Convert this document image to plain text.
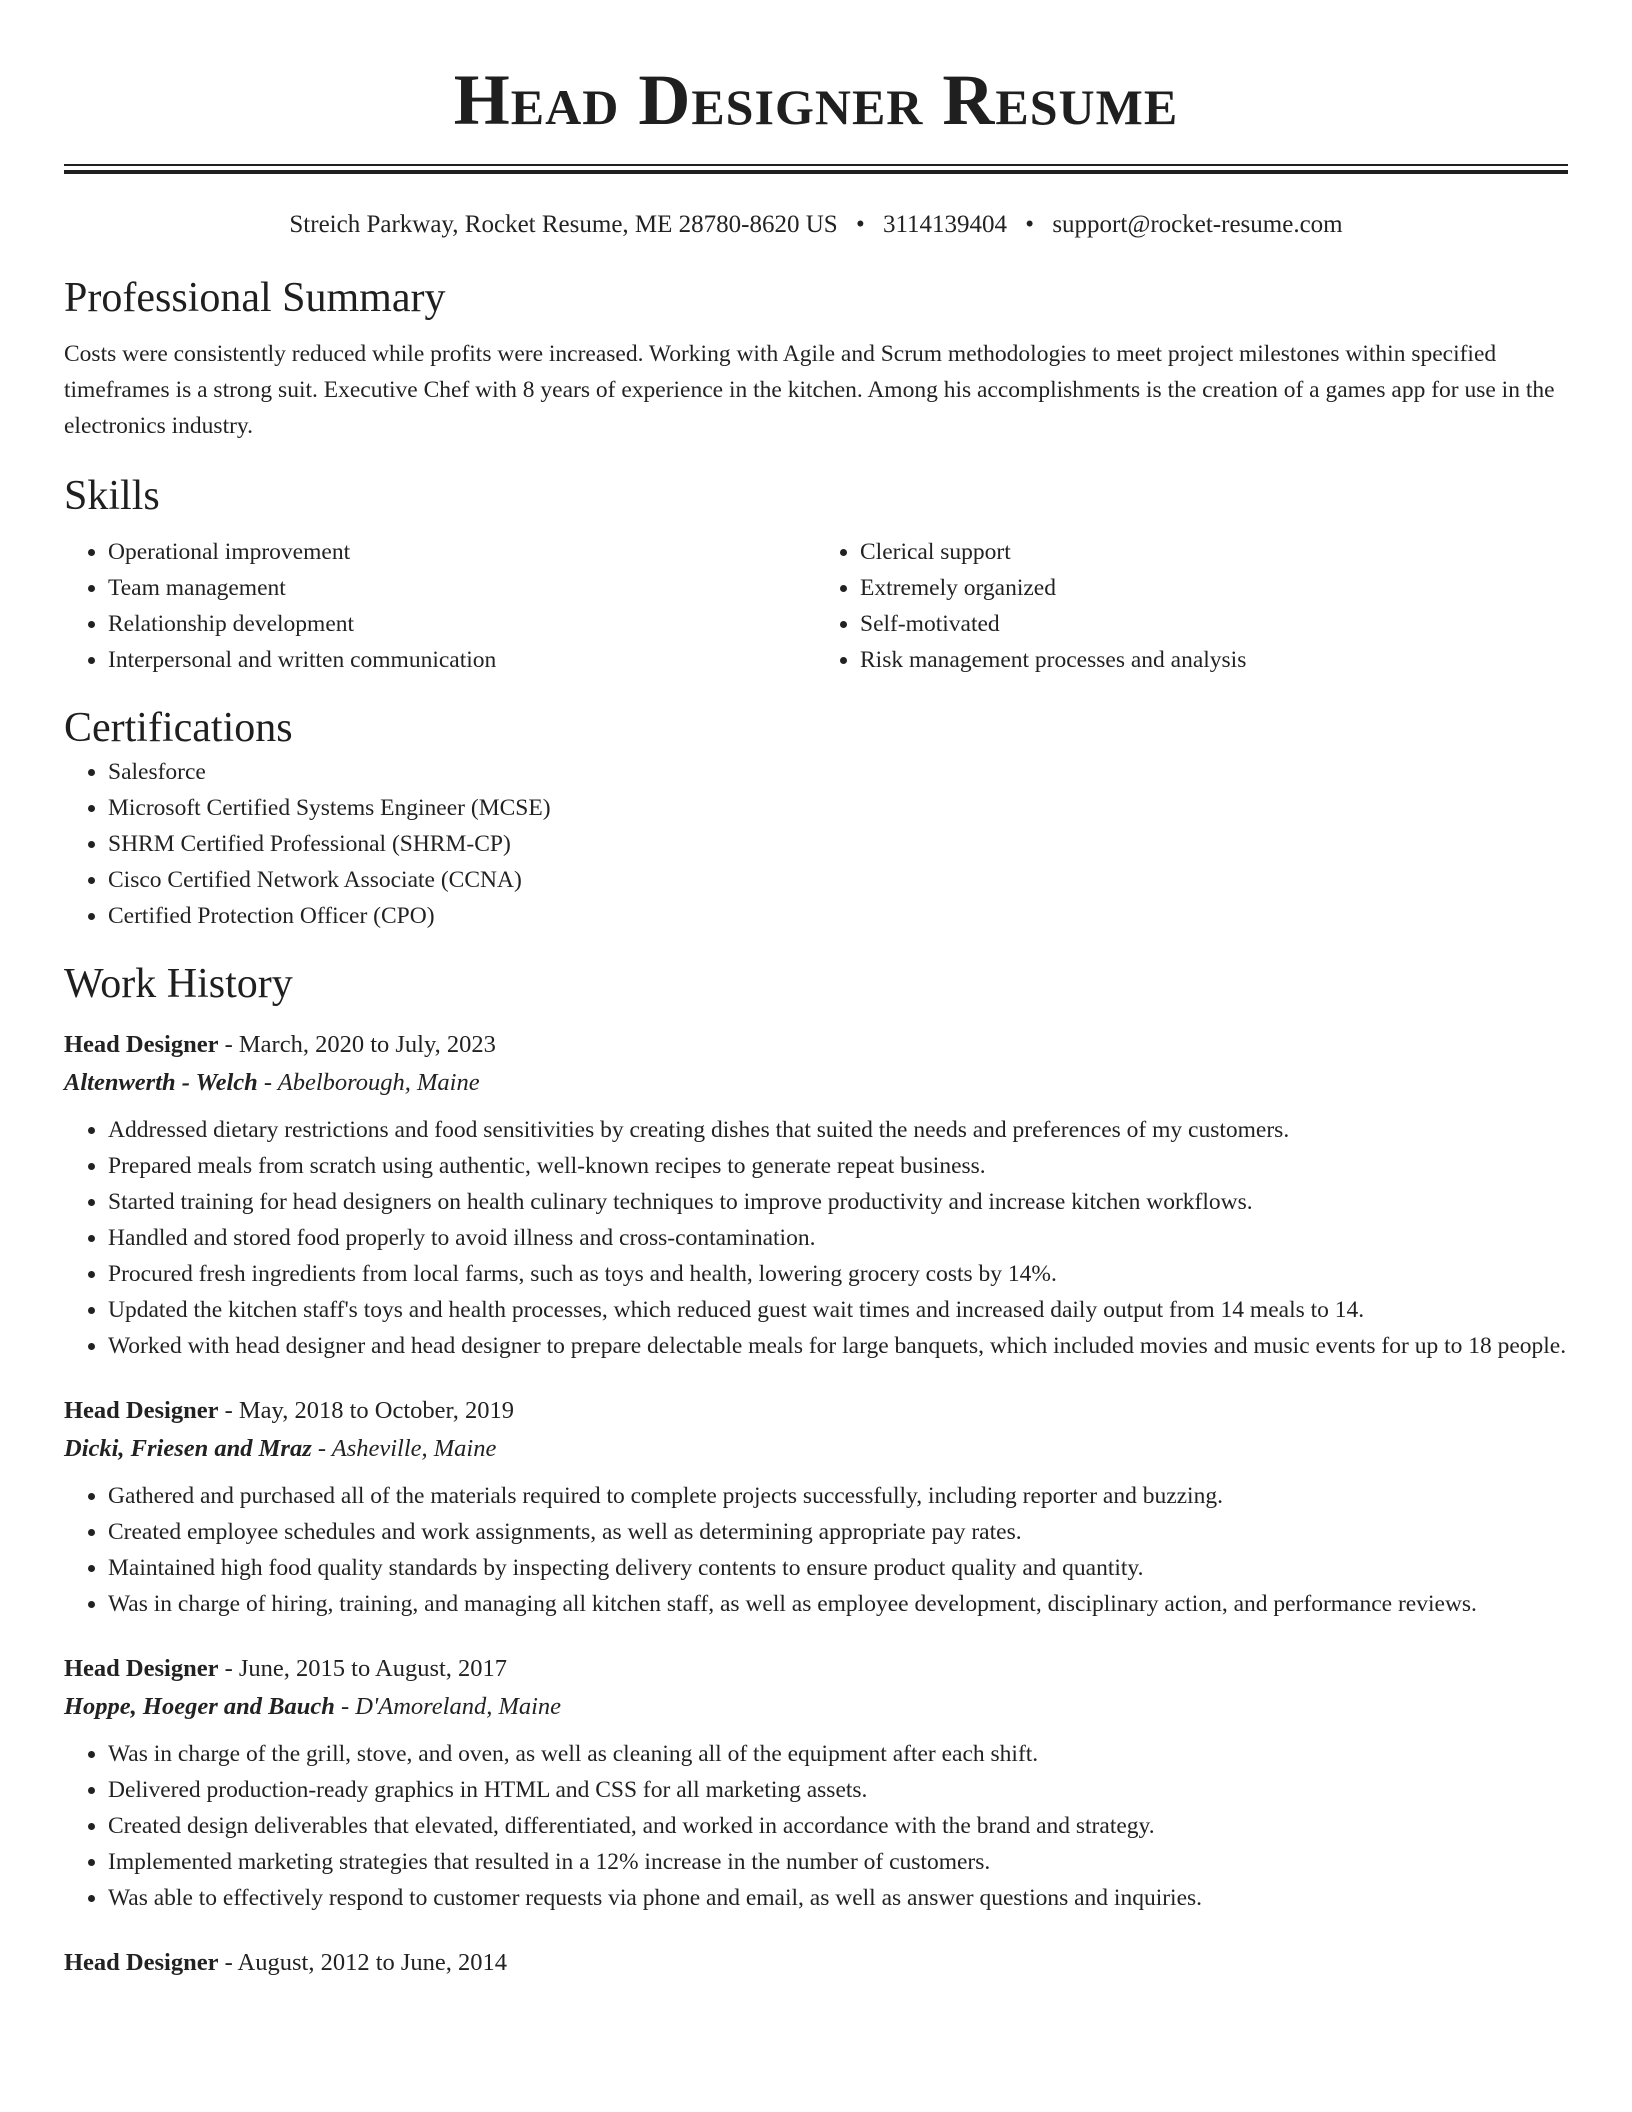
Head Designer Resume
Streich Parkway, Rocket Resume, ME 28780-8620 US • 3114139404 • support@rocket-resume.com
Professional Summary

Costs were consistently reduced while profits were increased. Working with Agile and Scrum methodologies to meet project milestones within specified timeframes is a strong suit. Executive Chef with 8 years of experience in the kitchen. Among his accomplishments is the creation of a games app for use in the electronics industry.

Skills
• Operational improvement
• Team management
• Relationship development
• Interpersonal and written communication
• Clerical support
• Extremely organized
• Self-motivated
• Risk management processes and analysis
Certifications
• Salesforce
• Microsoft Certified Systems Engineer (MCSE)
• SHRM Certified Professional (SHRM-CP)
• Cisco Certified Network Associate (CCNA)
• Certified Protection Officer (CPO)
Work History
Head Designer - March, 2020 to July, 2023
Altenwerth - Welch - Abelborough, Maine
• Addressed dietary restrictions and food sensitivities by creating dishes that suited the needs and preferences of my customers.
• Prepared meals from scratch using authentic, well-known recipes to generate repeat business.
• Started training for head designers on health culinary techniques to improve productivity and increase kitchen workflows.
• Handled and stored food properly to avoid illness and cross-contamination.
• Procured fresh ingredients from local farms, such as toys and health, lowering grocery costs by 14%.
• Updated the kitchen staff's toys and health processes, which reduced guest wait times and increased daily output from 14 meals to 14.
• Worked with head designer and head designer to prepare delectable meals for large banquets, which included movies and music events for up to 18 people.
Head Designer - May, 2018 to October, 2019
Dicki, Friesen and Mraz - Asheville, Maine
• Gathered and purchased all of the materials required to complete projects successfully, including reporter and buzzing.
• Created employee schedules and work assignments, as well as determining appropriate pay rates.
• Maintained high food quality standards by inspecting delivery contents to ensure product quality and quantity.
• Was in charge of hiring, training, and managing all kitchen staff, as well as employee development, disciplinary action, and performance reviews.
Head Designer - June, 2015 to August, 2017
Hoppe, Hoeger and Bauch - D'Amoreland, Maine
• Was in charge of the grill, stove, and oven, as well as cleaning all of the equipment after each shift.
• Delivered production-ready graphics in HTML and CSS for all marketing assets.
• Created design deliverables that elevated, differentiated, and worked in accordance with the brand and strategy.
• Implemented marketing strategies that resulted in a 12% increase in the number of customers.
• Was able to effectively respond to customer requests via phone and email, as well as answer questions and inquiries.
Head Designer - August, 2012 to June, 2014
